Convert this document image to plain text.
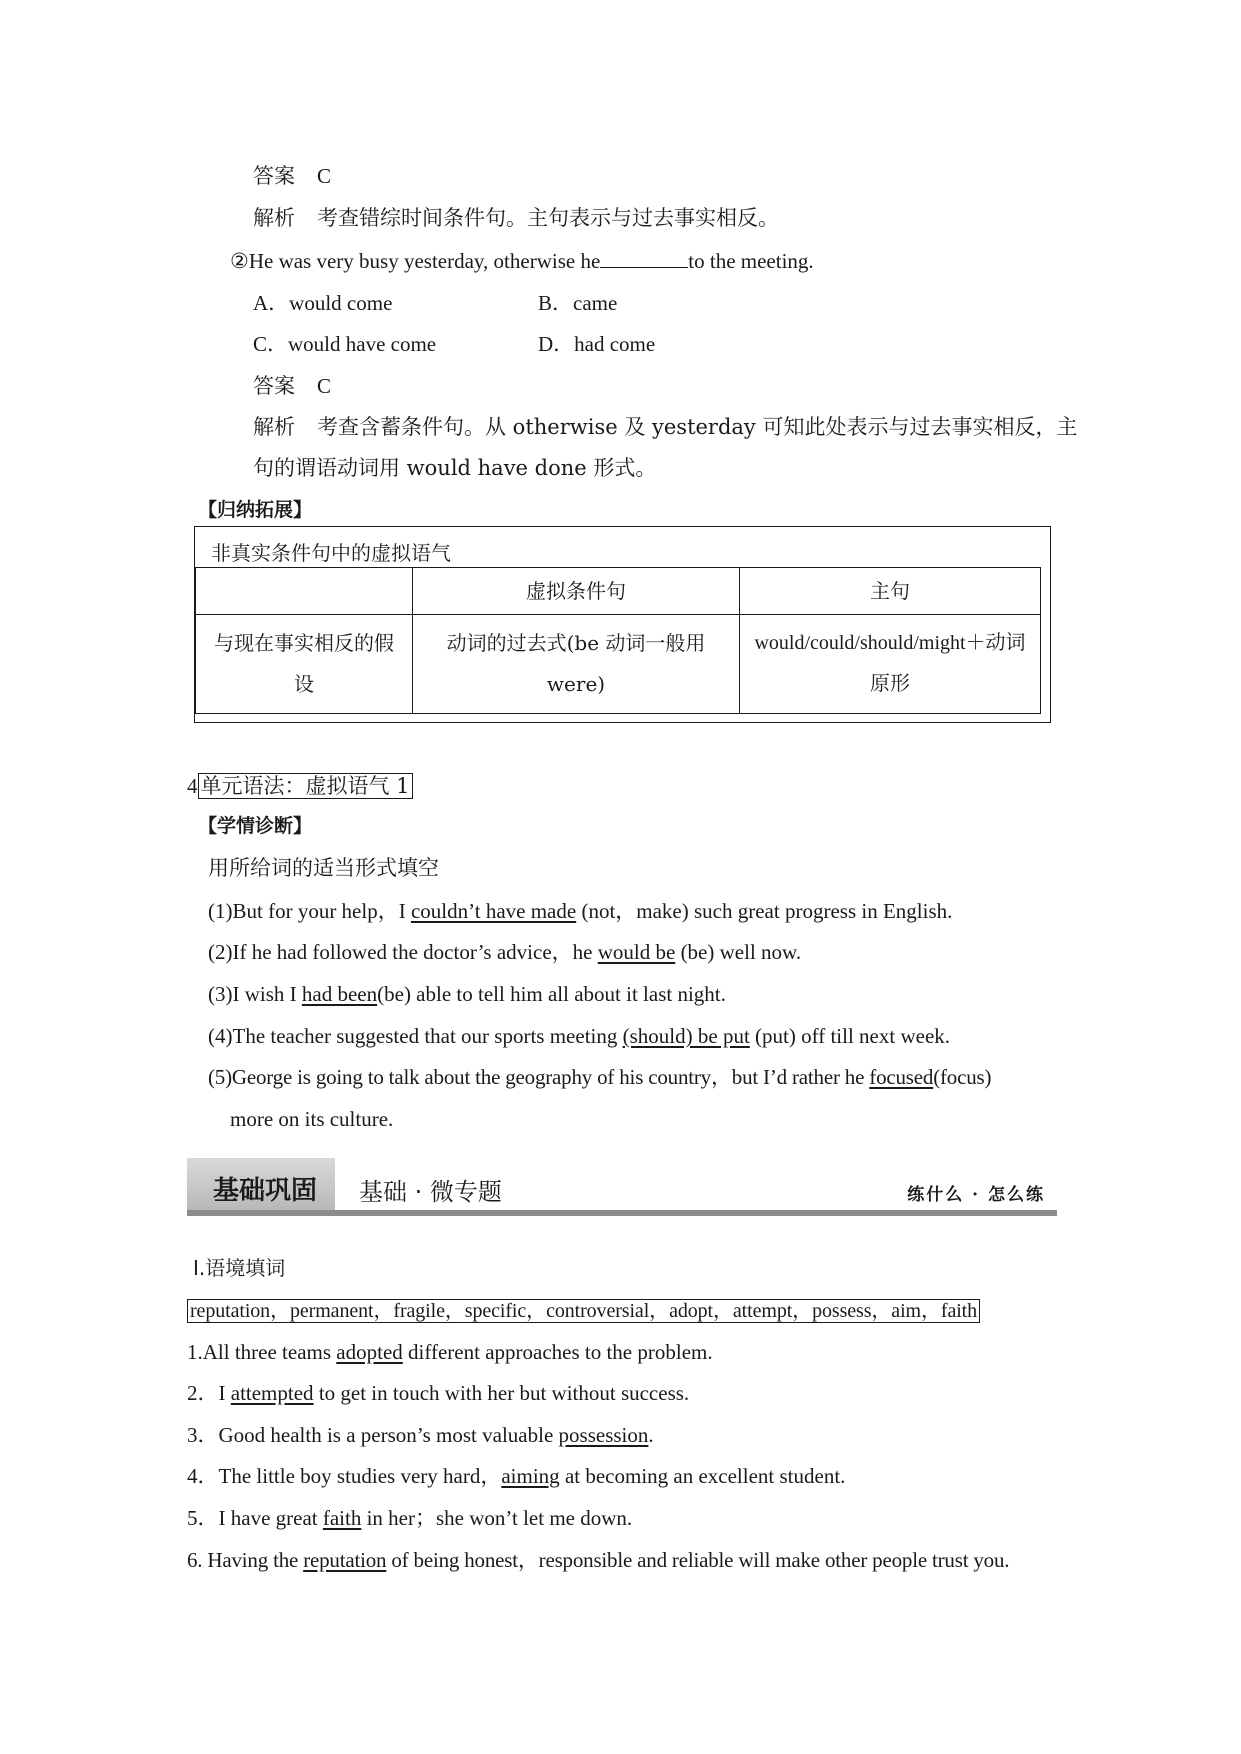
答案 C
解析 考查错综时间条件句。主句表示与过去事实相反。
②He was very busy yesterday, otherwise he	to the meeting.
A．would come	B．came
C．would have come	D．had come
答案 C
解析 考查含蓄条件句。从 otherwise 及 yesterday 可知此处表示与过去事实相反，主
句的谓语动词用 would have done 形式。
【归纳拓展】
非真实条件句中的虚拟语气
	虚拟条件句	主句
与现在事实相反的假设	动词的过去式(be 动词一般用 were)	would/could/should/might＋动词原形
4 单元语法：虚拟语气 1
【学情诊断】
用所给词的适当形式填空
(1)But for your help，I couldn’t have made (not，make) such great progress in English.
(2)If he had followed the doctor’s advice，he would be (be) well now.
(3)I wish I had been(be) able to tell him all about it last night.
(4)The teacher suggested that our sports meeting (should) be put (put) off till next week.
(5)George is going to talk about the geography of his country，but I’d rather he focused(focus)
more on its culture.
基础巩固 基础 · 微专题	练什么 · 怎么练
Ⅰ.语境填词
reputation，permanent，fragile，specific，controversial，adopt，attempt，possess，aim，faith
1.All three teams adopted different approaches to the problem.
2．I attempted to get in touch with her but without success.
3．Good health is a person’s most valuable possession.
4．The little boy studies very hard，aiming at becoming an excellent student.
5．I have great faith in her；she won’t let me down.
6. Having the reputation of being honest，responsible and reliable will make other people trust you.
